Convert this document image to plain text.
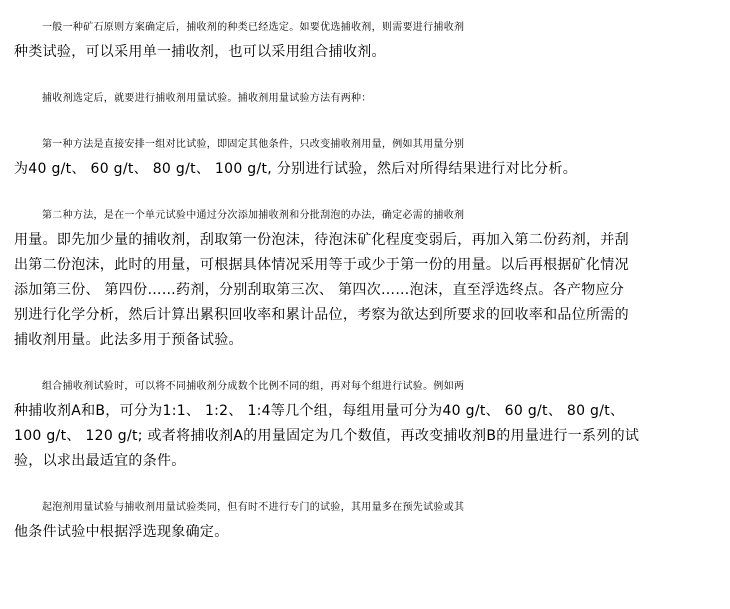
一般一种矿石原则方案确定后，捕收剂的种类已经选定。如要优选捕收剂，则需要进行捕收剂
种类试验，可以采用单一捕收剂，也可以采用组合捕收剂。

捕收剂选定后，就要进行捕收剂用量试验。捕收剂用量试验方法有两种：

第一种方法是直接安排一组对比试验，即固定其他条件，只改变捕收剂用量，例如其用量分别
为40 g/t、 60 g/t、 80 g/t、 100 g/t, 分别进行试验，然后对所得结果进行对比分析。

第二种方法，是在一个单元试验中通过分次添加捕收剂和分批刮泡的办法，确定必需的捕收剂
用量。即先加少量的捕收剂，刮取第一份泡沫，待泡沫矿化程度变弱后，再加入第二份药剂，并刮
出第二份泡沫，此时的用量，可根据具体情况采用等于或少于第一份的用量。以后再根据矿化情况
添加第三份、 第四份……药剂，分别刮取第三次、 第四次……泡沫，直至浮选终点。各产物应分
别进行化学分析，然后计算出累积回收率和累计品位，考察为欲达到所要求的回收率和品位所需的
捕收剂用量。此法多用于预备试验。

组合捕收剂试验时，可以将不同捕收剂分成数个比例不同的组，再对每个组进行试验。例如两
种捕收剂A和B，可分为1:1、 1:2、 1:4等几个组，每组用量可分为40 g/t、 60 g/t、 80 g/t、
100 g/t、 120 g/t; 或者将捕收剂A的用量固定为几个数值，再改变捕收剂B的用量进行一系列的试
验，以求出最适宜的条件。

起泡剂用量试验与捕收剂用量试验类同，但有时不进行专门的试验，其用量多在预先试验或其
他条件试验中根据浮选现象确定。
